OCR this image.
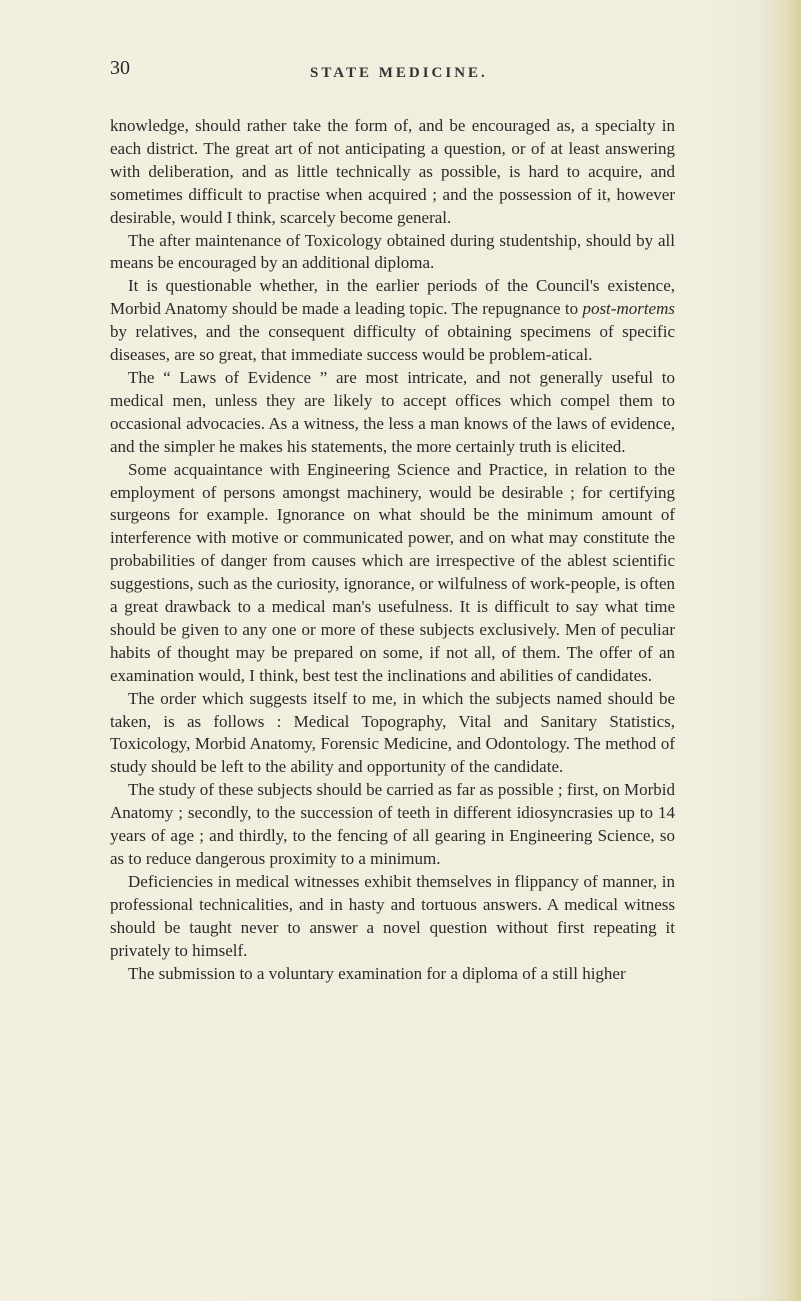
30	STATE MEDICINE.

knowledge, should rather take the form of, and be encouraged as, a specialty in each district. The great art of not anticipating a question, or of at least answering with deliberation, and as little technically as possible, is hard to acquire, and sometimes difficult to practise when acquired ; and the possession of it, however desirable, would I think, scarcely become general.

The after maintenance of Toxicology obtained during studentship, should by all means be encouraged by an additional diploma.

It is questionable whether, in the earlier periods of the Council's existence, Morbid Anatomy should be made a leading topic. The repugnance to post-mortems by relatives, and the consequent difficulty of obtaining specimens of specific diseases, are so great, that immediate success would be problem-atical.

The “ Laws of Evidence ” are most intricate, and not generally useful to medical men, unless they are likely to accept offices which compel them to occasional advocacies. As a witness, the less a man knows of the laws of evidence, and the simpler he makes his statements, the more certainly truth is elicited.

Some acquaintance with Engineering Science and Practice, in relation to the employment of persons amongst machinery, would be desirable ; for certifying surgeons for example. Ignorance on what should be the minimum amount of interference with motive or communicated power, and on what may constitute the probabilities of danger from causes which are irrespective of the ablest scientific suggestions, such as the curiosity, ignorance, or wilfulness of work-people, is often a great drawback to a medical man's usefulness. It is difficult to say what time should be given to any one or more of these subjects exclusively. Men of peculiar habits of thought may be prepared on some, if not all, of them. The offer of an examination would, I think, best test the inclinations and abilities of candidates.

The order which suggests itself to me, in which the subjects named should be taken, is as follows : Medical Topography, Vital and Sanitary Statistics, Toxicology, Morbid Anatomy, Forensic Medicine, and Odontology. The method of study should be left to the ability and opportunity of the candidate.

The study of these subjects should be carried as far as possible ; first, on Morbid Anatomy ; secondly, to the succession of teeth in different idiosyncrasies up to 14 years of age ; and thirdly, to the fencing of all gearing in Engineering Science, so as to reduce dangerous proximity to a minimum.

Deficiencies in medical witnesses exhibit themselves in flippancy of manner, in professional technicalities, and in hasty and tortuous answers. A medical witness should be taught never to answer a novel question without first repeating it privately to himself.

The submission to a voluntary examination for a diploma of a still higher
